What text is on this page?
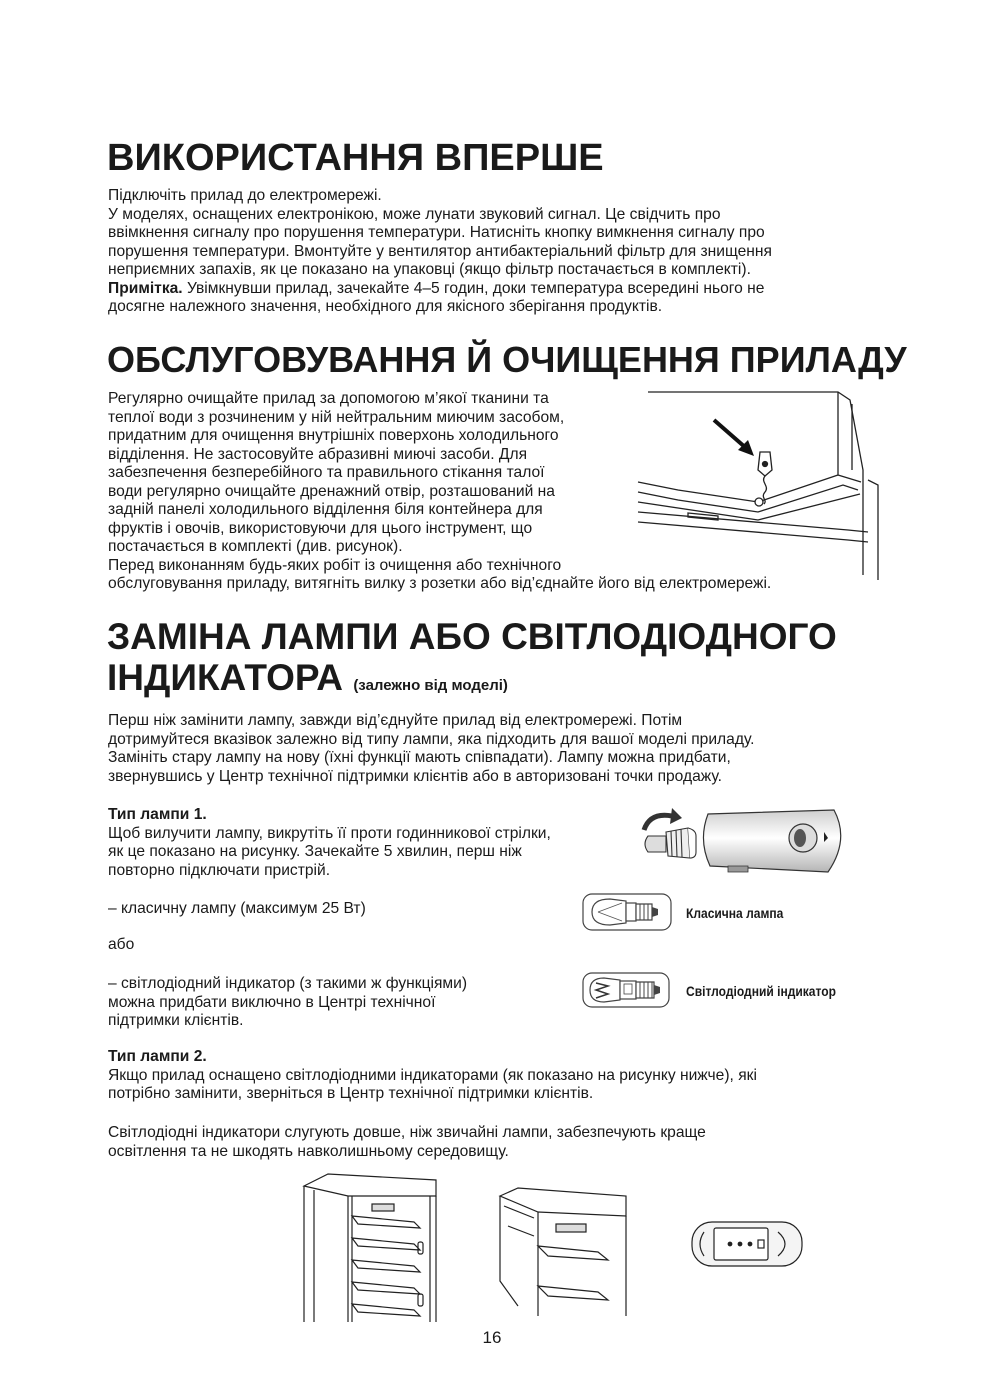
ВИКОРИСТАННЯ ВПЕРШЕ

Підключіть прилад до електромережі.

У моделях, оснащених електронікою, може лунати звуковий сигнал. Це свідчить про

ввімкнення сигналу про порушення температури. Натисніть кнопку вимкнення сигналу про

порушення температури. Вмонтуйте у вентилятор антибактеріальний фільтр для знищення

неприємних запахів, як це показано на упаковці (якщо фільтр постачається в комплекті).

Примітка. Увімкнувши прилад, зачекайте 4–5 годин, доки температура всередині нього не

досягне належного значення, необхідного для якісного зберігання продуктів.

ОБСЛУГОВУВАННЯ Й ОЧИЩЕННЯ ПРИЛАДУ

Регулярно очищайте прилад за допомогою м’якої тканини та

теплої води з розчиненим у ній нейтральним миючим засобом,

придатним для очищення внутрішніх поверхонь холодильного

відділення. Не застосовуйте абразивні миючі засоби. Для

забезпечення безперебійного та правильного стікання талої

води регулярно очищайте дренажний отвір, розташований на

задній панелі холодильного відділення біля контейнера для

фруктів і овочів, використовуючи для цього інструмент, що

постачається в комплекті (див. рисунок).

Перед виконанням будь-яких робіт із очищення або технічного

обслуговування приладу, витягніть вилку з розетки або від’єднайте його від електромережі.

ЗАМІНА ЛАМПИ АБО СВІТЛОДІОДНОГО
ІНДИКАТОРА (залежно від моделі)

Перш ніж замінити лампу, завжди від’єднуйте прилад від електромережі. Потім

дотримуйтеся вказівок залежно від типу лампи, яка підходить для вашої моделі приладу.

Замініть стару лампу на нову (їхні функції мають співпадати). Лампу можна придбати,

звернувшись у Центр технічної підтримки клієнтів або в авторизовані точки продажу.

Тип лампи 1.

Щоб вилучити лампу, викрутіть її проти годинникової стрілки,

як це показано на рисунку. Зачекайте 5 хвилин, перш ніж

повторно підключати пристрій.

– класичну лампу (максимум 25 Вт)

або

– світлодіодний індикатор (з такими ж функціями)

можна придбати виключно в Центрі технічної

підтримки клієнтів.

Класична лампа
Світлодіодний індикатор

Тип лампи 2.

Якщо прилад оснащено світлодіодними індикаторами (як показано на рисунку нижче), які

потрібно замінити, зверніться в Центр технічної підтримки клієнтів.

Світлодіодні індикатори слугують довше, ніж звичайні лампи, забезпечують краще

освітлення та не шкодять навколишньому середовищу.

16
